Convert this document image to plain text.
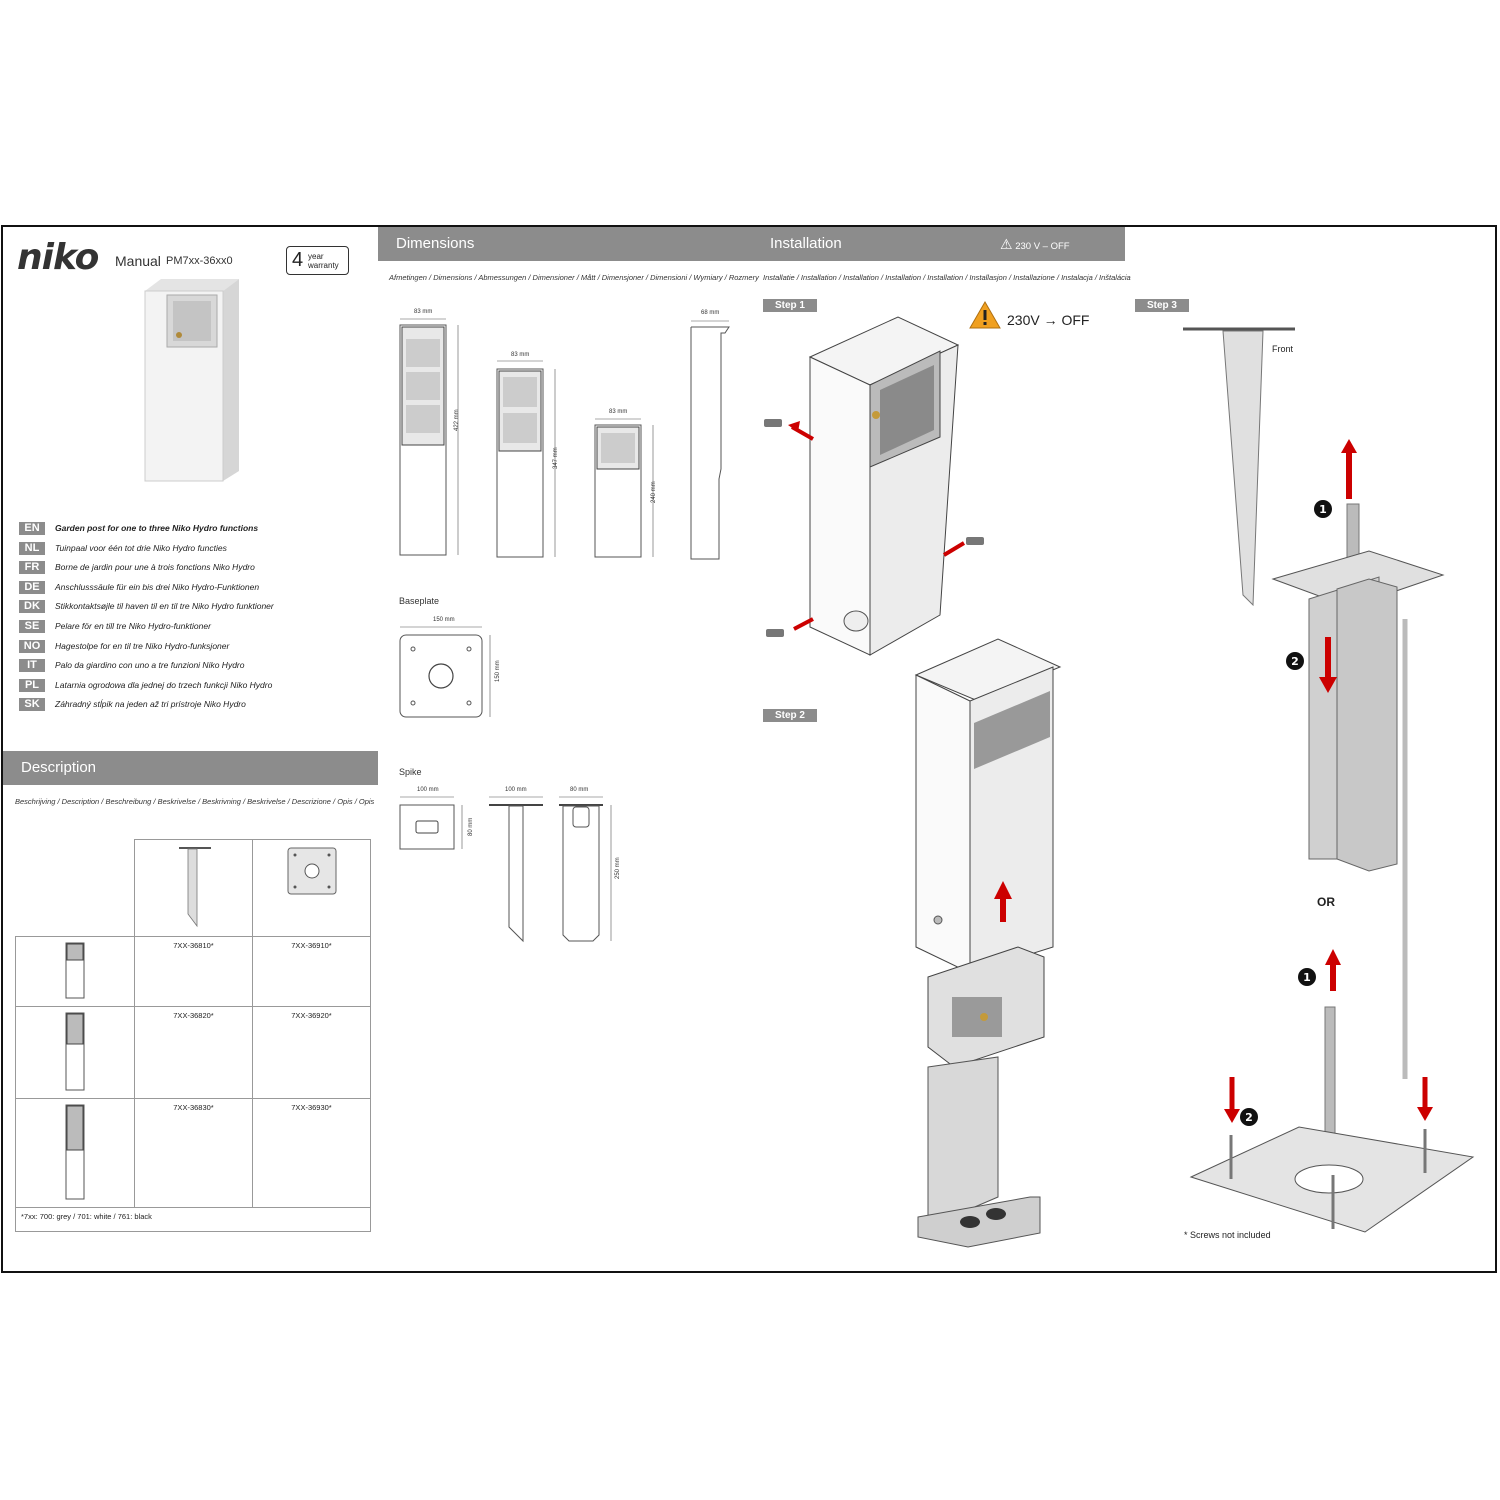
niko Manual PM7xx-36xx0	4 year
warranty
EN	Garden post for one to three Niko Hydro functions
NL	Tuinpaal voor één tot drie Niko Hydro functies
FR	Borne de jardin pour une à trois fonctions Niko Hydro
DE	Anschlusssäule für ein bis drei Niko Hydro-Funktionen
DK	Stikkontaktsøjle til haven til en til tre Niko Hydro funktioner
SE	Pelare för en till tre Niko Hydro-funktioner
NO	Hagestolpe for en til tre Niko Hydro-funksjoner
IT	Palo da giardino con uno a tre funzioni Niko Hydro
PL	Latarnia ogrodowa dla jednej do trzech funkcji Niko Hydro
SK	Záhradný stĺpik na jeden až tri prístroje Niko Hydro
Description
Beschrijving / Description / Beschreibung / Beskrivelse / Beskrivning / Beskrivelse / Descrizione / Opis / Opis

	7XX-36810*	7XX-36910*
	7XX-36820*	7XX-36920*
	7XX-36830*	7XX-36930*
*7xx: 700: grey / 701: white / 761: black		
Dimensions
Afmetingen / Dimensions / Abmessungen / Dimensioner / Mått / Dimensjoner / Dimensioni / Wymiary / Rozmery
83 mm
422 mm
83 mm
347 mm
83 mm
240 mm
68 mm
Baseplate
150 mm
150 mm
Spike
100 mm
80 mm
100 mm	80 mm
250 mm
Installation	⚠ 230 V – OFF
Installatie / Installation / Installation / Installation / Installation / Installasjon / Installazione / Instalacja / Inštalácia
Step 1
Step 2
Step 3
230V → OFF
Front
1
2
OR
1
2
* Screws not included
